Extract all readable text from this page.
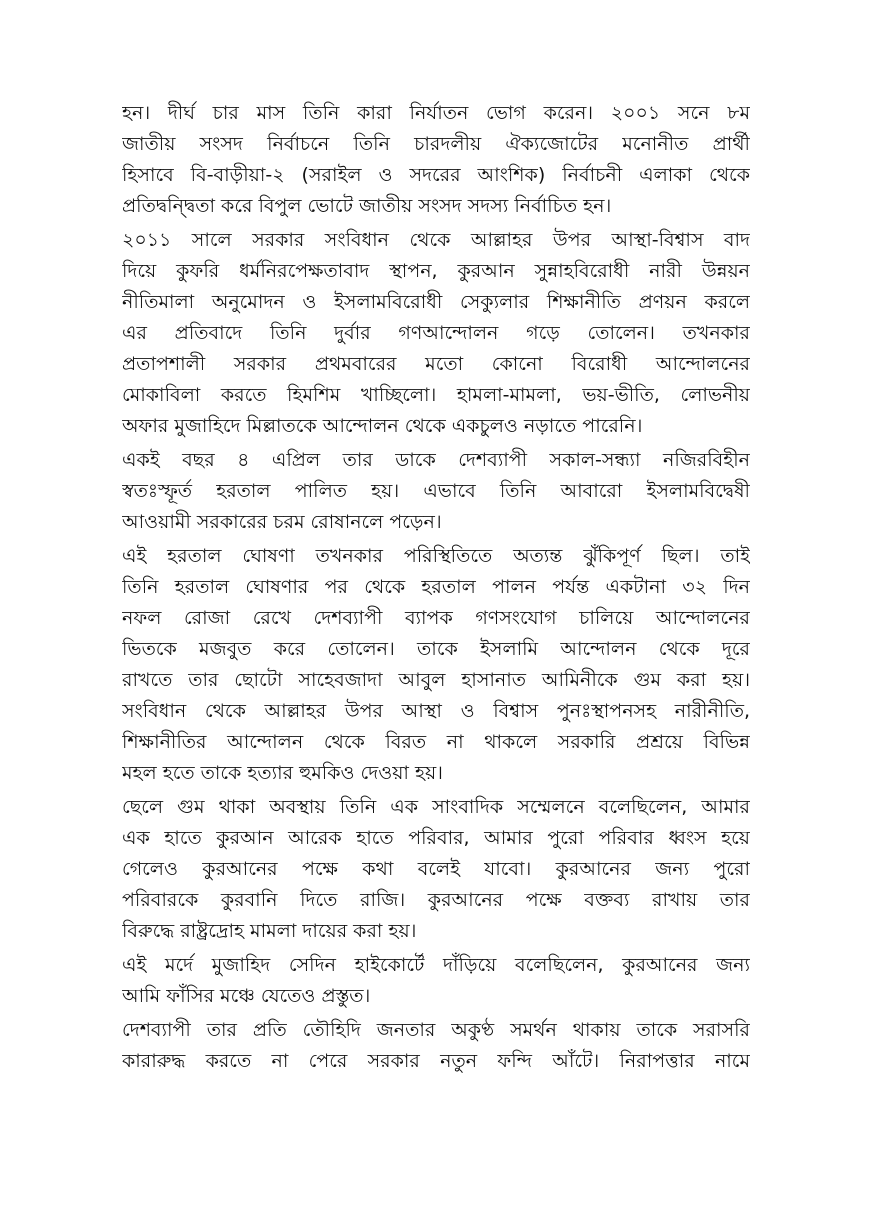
হন। দীর্ঘ চার মাস তিনি কারা নির্যাতন ভোগ করেন। ২০০১ সনে ৮ম
জাতীয় সংসদ নির্বাচনে তিনি চারদলীয় ঐক্যজোটের মনোনীত প্রার্থী
হিসাবে বি-বাড়ীয়া-২ (সরাইল ও সদরের আংশিক) নির্বাচনী এলাকা থেকে
প্রতিদ্বন্দ্বিতা করে বিপুল ভোটে জাতীয় সংসদ সদস্য নির্বাচিত হন।
২০১১ সালে সরকার সংবিধান থেকে আল্লাহর উপর আস্থা-বিশ্বাস বাদ
দিয়ে কুফরি ধর্মনিরপেক্ষতাবাদ স্থাপন, কুরআন সুন্নাহবিরোধী নারী উন্নয়ন
নীতিমালা অনুমোদন ও ইসলামবিরোধী সেক্যুলার শিক্ষানীতি প্রণয়ন করলে
এর প্রতিবাদে তিনি দুর্বার গণআন্দোলন গড়ে তোলেন। তখনকার
প্রতাপশালী সরকার প্রথমবারের মতো কোনো বিরোধী আন্দোলনের
মোকাবিলা করতে হিমশিম খাচ্ছিলো। হামলা-মামলা, ভয়-ভীতি, লোভনীয়
অফার মুজাহিদে মিল্লাতকে আন্দোলন থেকে একচুলও নড়াতে পারেনি।
একই বছর ৪ এপ্রিল তার ডাকে দেশব্যাপী সকাল-সন্ধ্যা নজিরবিহীন
স্বতঃস্ফূর্ত হরতাল পালিত হয়। এভাবে তিনি আবারো ইসলামবিদ্বেষী
আওয়ামী সরকারের চরম রোষানলে পড়েন।
এই হরতাল ঘোষণা তখনকার পরিস্থিতিতে অত্যন্ত ঝুঁকিপূর্ণ ছিল। তাই
তিনি হরতাল ঘোষণার পর থেকে হরতাল পালন পর্যন্ত একটানা ৩২ দিন
নফল রোজা রেখে দেশব্যাপী ব্যাপক গণসংযোগ চালিয়ে আন্দোলনের
ভিতকে মজবুত করে তোলেন। তাকে ইসলামি আন্দোলন থেকে দূরে
রাখতে তার ছোটো সাহেবজাদা আবুল হাসানাত আমিনীকে গুম করা হয়।
সংবিধান থেকে আল্লাহর উপর আস্থা ও বিশ্বাস পুনঃস্থাপনসহ নারীনীতি,
শিক্ষানীতির আন্দোলন থেকে বিরত না থাকলে সরকারি প্রশ্রয়ে বিভিন্ন
মহল হতে তাকে হত্যার হুমকিও দেওয়া হয়।
ছেলে গুম থাকা অবস্থায় তিনি এক সাংবাদিক সম্মেলনে বলেছিলেন, আমার
এক হাতে কুরআন আরেক হাতে পরিবার, আমার পুরো পরিবার ধ্বংস হয়ে
গেলেও কুরআনের পক্ষে কথা বলেই যাবো। কুরআনের জন্য পুরো
পরিবারকে কুরবানি দিতে রাজি। কুরআনের পক্ষে বক্তব্য রাখায় তার
বিরুদ্ধে রাষ্ট্রদ্রোহ মামলা দায়ের করা হয়।
এই মর্দে মুজাহিদ সেদিন হাইকোর্টে দাঁড়িয়ে বলেছিলেন, কুরআনের জন্য
আমি ফাঁসির মঞ্চে যেতেও প্রস্তুত।
দেশব্যাপী তার প্রতি তৌহিদি জনতার অকুণ্ঠ সমর্থন থাকায় তাকে সরাসরি
কারারুদ্ধ করতে না পেরে সরকার নতুন ফন্দি আঁটে। নিরাপত্তার নামে
